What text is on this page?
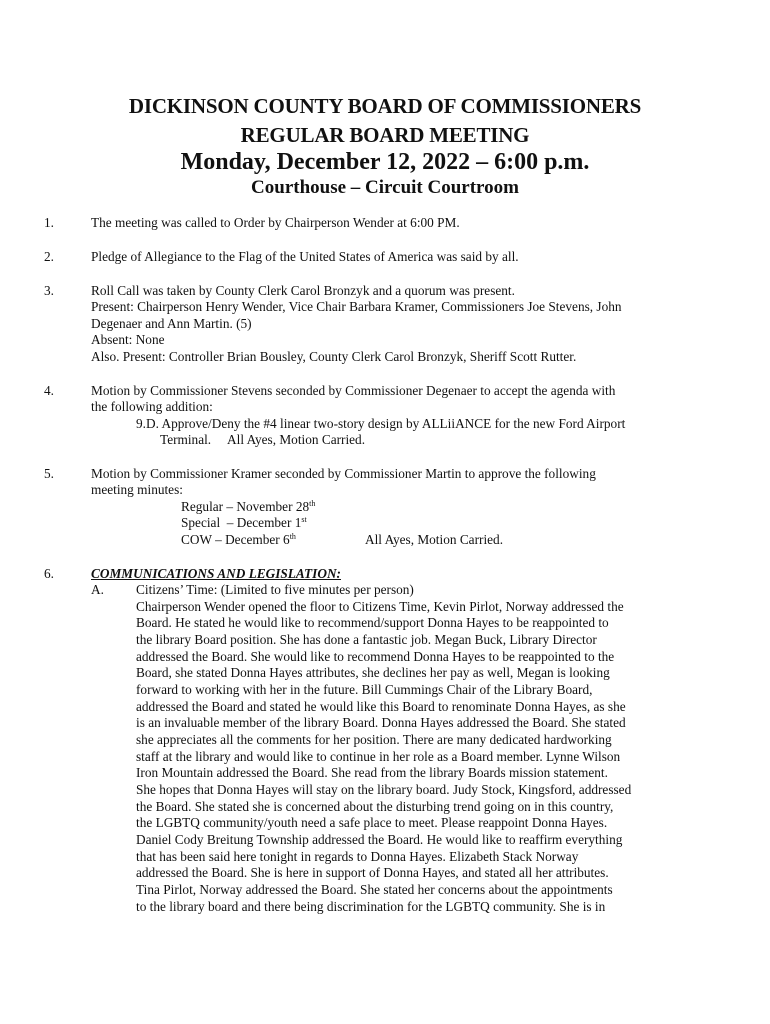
DICKINSON COUNTY BOARD OF COMMISSIONERS
REGULAR BOARD MEETING
Monday, December 12, 2022 – 6:00 p.m.
Courthouse – Circuit Courtroom
1.	The meeting was called to Order by Chairperson Wender at 6:00 PM.
2.	Pledge of Allegiance to the Flag of the United States of America was said by all.
3.	Roll Call was taken by County Clerk Carol Bronzyk and a quorum was present.
Present: Chairperson Henry Wender, Vice Chair Barbara Kramer, Commissioners Joe Stevens, John
Degenaer and Ann Martin. (5)
Absent: None
Also. Present: Controller Brian Bousley, County Clerk Carol Bronzyk, Sheriff Scott Rutter.
4.	Motion by Commissioner Stevens seconded by Commissioner Degenaer to accept the agenda with
the following addition:
9.D. Approve/Deny the #4 linear two-story design by ALLiiANCE for the new Ford Airport
Terminal.     All Ayes, Motion Carried.
5.	Motion by Commissioner Kramer seconded by Commissioner Martin to approve the following
meeting minutes:
Regular – November 28th
Special  – December 1st
COW – December 6th	All Ayes, Motion Carried.
6.	COMMUNICATIONS AND LEGISLATION:
A. Citizens’ Time: (Limited to five minutes per person)
Chairperson Wender opened the floor to Citizens Time, Kevin Pirlot, Norway addressed the
Board. He stated he would like to recommend/support Donna Hayes to be reappointed to
the library Board position. She has done a fantastic job. Megan Buck, Library Director
addressed the Board. She would like to recommend Donna Hayes to be reappointed to the
Board, she stated Donna Hayes attributes, she declines her pay as well, Megan is looking
forward to working with her in the future. Bill Cummings Chair of the Library Board,
addressed the Board and stated he would like this Board to renominate Donna Hayes, as she
is an invaluable member of the library Board. Donna Hayes addressed the Board. She stated
she appreciates all the comments for her position. There are many dedicated hardworking
staff at the library and would like to continue in her role as a Board member. Lynne Wilson
Iron Mountain addressed the Board. She read from the library Boards mission statement.
She hopes that Donna Hayes will stay on the library board. Judy Stock, Kingsford, addressed
the Board. She stated she is concerned about the disturbing trend going on in this country,
the LGBTQ community/youth need a safe place to meet. Please reappoint Donna Hayes.
Daniel Cody Breitung Township addressed the Board. He would like to reaffirm everything
that has been said here tonight in regards to Donna Hayes. Elizabeth Stack Norway
addressed the Board. She is here in support of Donna Hayes, and stated all her attributes.
Tina Pirlot, Norway addressed the Board. She stated her concerns about the appointments
to the library board and there being discrimination for the LGBTQ community. She is in
